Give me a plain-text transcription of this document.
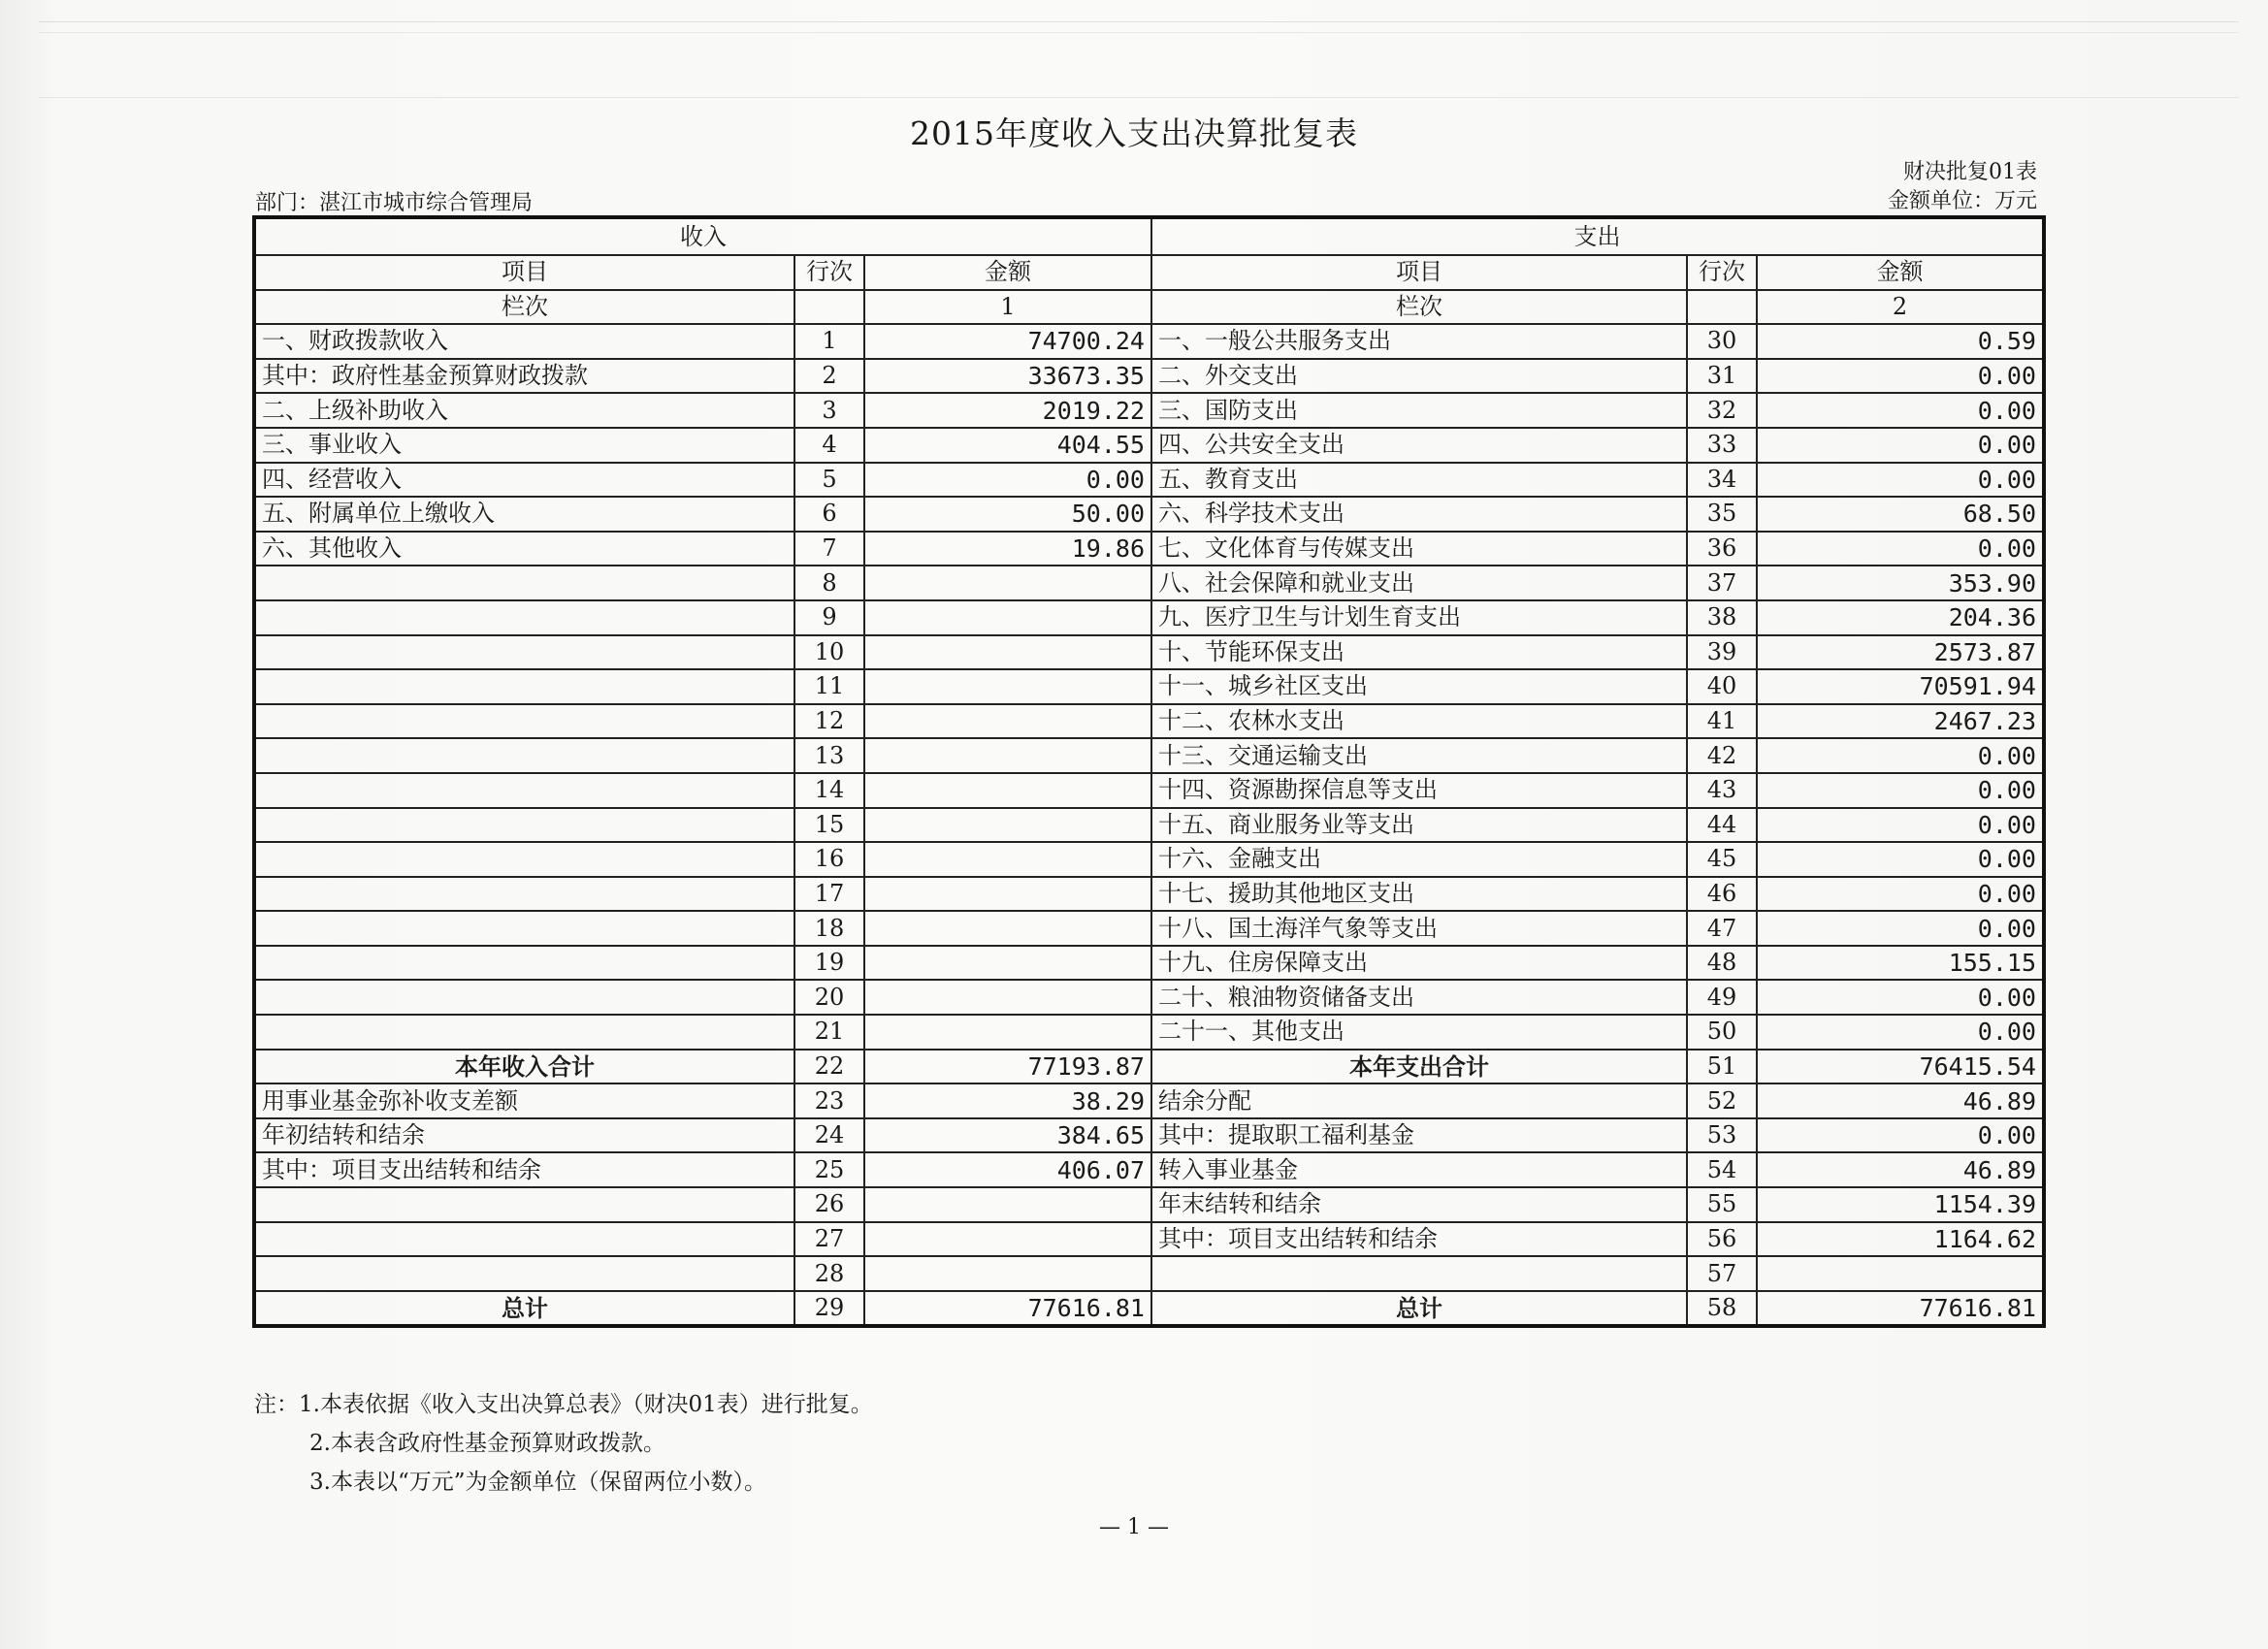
2015年度收入支出决算批复表
财决批复01表
部门：湛江市城市综合管理局	金额单位：万元
收入			支出		
项目	行次	金额	项目	行次	金额
栏次		1	栏次		2
一、财政拨款收入	1	74700.24	一、一般公共服务支出	30	0.59
其中：政府性基金预算财政拨款	2	33673.35	二、外交支出	31	0.00
二、上级补助收入	3	2019.22	三、国防支出	32	0.00
三、事业收入	4	404.55	四、公共安全支出	33	0.00
四、经营收入	5	0.00	五、教育支出	34	0.00
五、附属单位上缴收入	6	50.00	六、科学技术支出	35	68.50
六、其他收入	7	19.86	七、文化体育与传媒支出	36	0.00
	8		八、社会保障和就业支出	37	353.90
	9		九、医疗卫生与计划生育支出	38	204.36
	10		十、节能环保支出	39	2573.87
	11		十一、城乡社区支出	40	70591.94
	12		十二、农林水支出	41	2467.23
	13		十三、交通运输支出	42	0.00
	14		十四、资源勘探信息等支出	43	0.00
	15		十五、商业服务业等支出	44	0.00
	16		十六、金融支出	45	0.00
	17		十七、援助其他地区支出	46	0.00
	18		十八、国土海洋气象等支出	47	0.00
	19		十九、住房保障支出	48	155.15
	20		二十、粮油物资储备支出	49	0.00
	21		二十一、其他支出	50	0.00
本年收入合计	22	77193.87	本年支出合计	51	76415.54
用事业基金弥补收支差额	23	38.29	结余分配	52	46.89
年初结转和结余	24	384.65	其中：提取职工福利基金	53	0.00
其中：项目支出结转和结余	25	406.07	转入事业基金	54	46.89
	26		年末结转和结余	55	1154.39
	27		其中：项目支出结转和结余	56	1164.62
	28			57	
总计	29	77616.81	总计	58	77616.81
注：1.本表依据《收入支出决算总表》（财决01表）进行批复。
2.本表含政府性基金预算财政拨款。
3.本表以“万元”为金额单位（保留两位小数）。
— 1 —
